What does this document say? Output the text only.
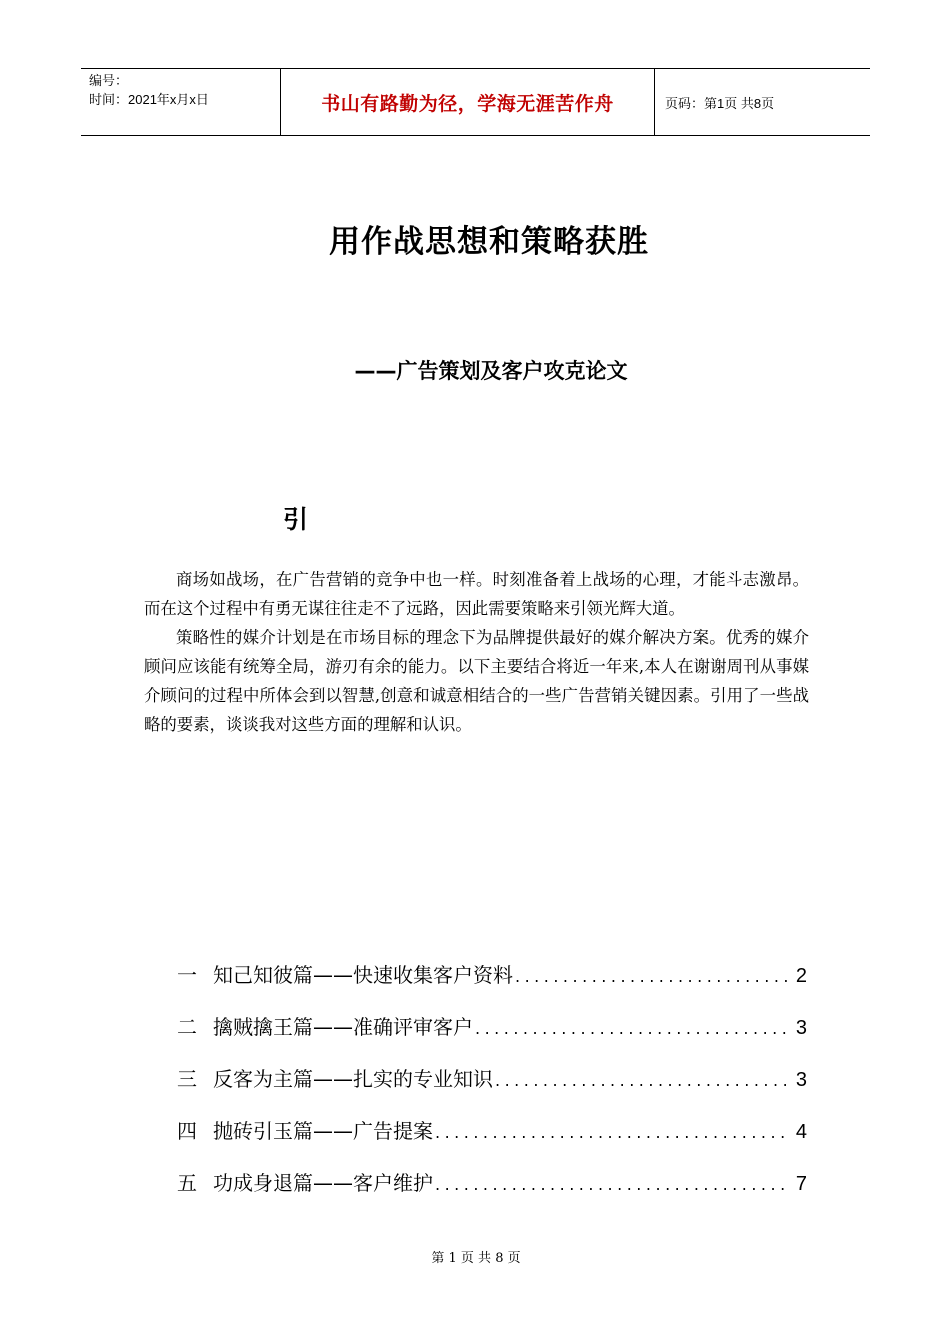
编号：
时间：2021年x月x日	书山有路勤为径，学海无涯苦作舟	页码：第1页 共8页
用作战思想和策略获胜
——广告策划及客户攻克论文
引

商场如战场，在广告营销的竞争中也一样。时刻准备着上战场的心理，才能斗志激昂。而在这个过程中有勇无谋往往走不了远路，因此需要策略来引领光辉大道。

策略性的媒介计划是在市场目标的理念下为品牌提供最好的媒介解决方案。优秀的媒介顾问应该能有统筹全局，游刃有余的能力。以下主要结合将近一年来,本人在谢谢周刊从事媒介顾问的过程中所体会到以智慧,创意和诚意相结合的一些广告营销关键因素。引用了一些战略的要素，谈谈我对这些方面的理解和认识。

一 知己知彼篇——快速收集客户资料 .....	2
二 擒贼擒王篇——准确评审客户 .....	3
三 反客为主篇——扎实的专业知识 .....	3
四 抛砖引玉篇——广告提案 .....	4
五 功成身退篇——客户维护 .....	7
第 1 页 共 8 页
